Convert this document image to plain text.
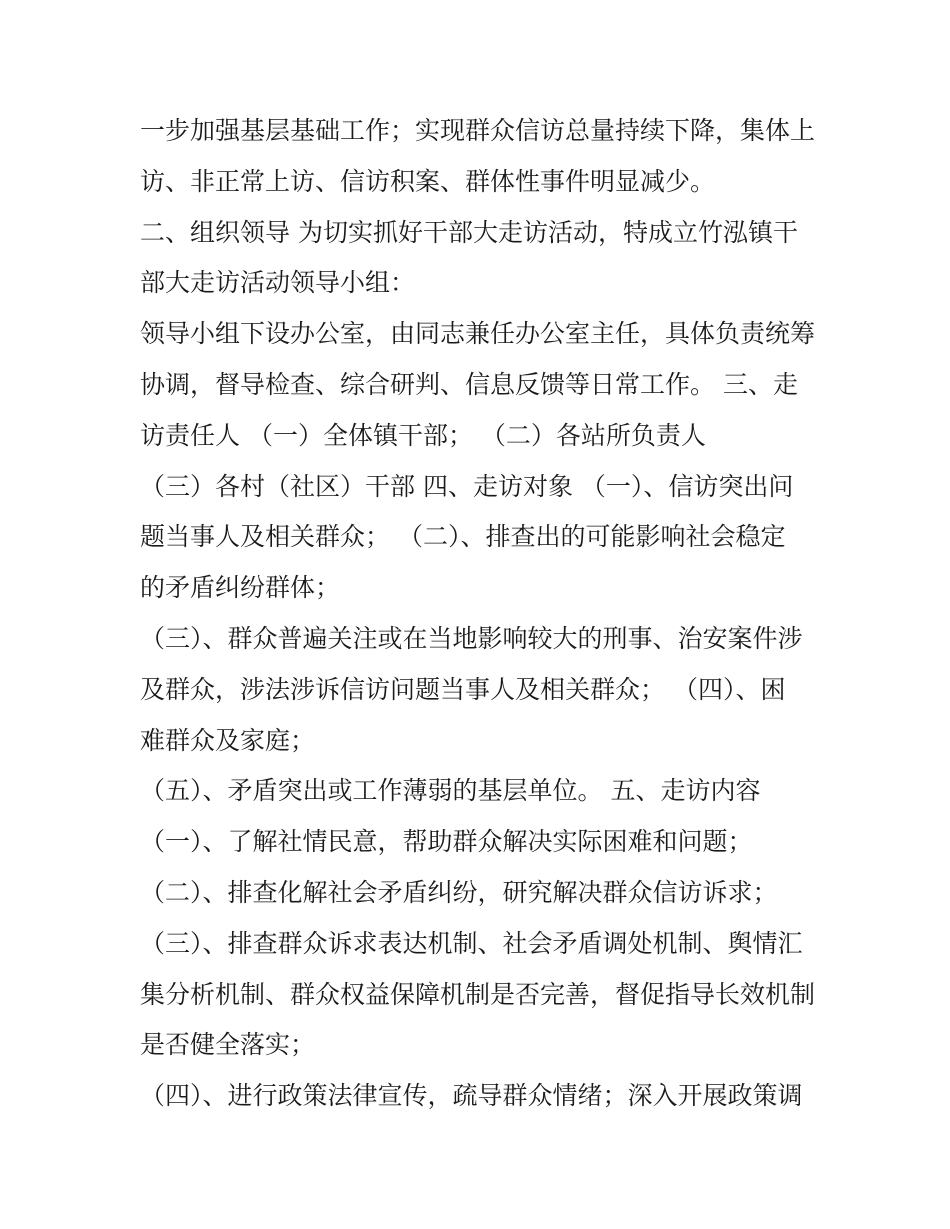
一步加强基层基础工作；实现群众信访总量持续下降，集体上
访、非正常上访、信访积案、群体性事件明显减少。
二、组织领导 为切实抓好干部大走访活动，特成立竹泓镇干
部大走访活动领导小组：
领导小组下设办公室，由同志兼任办公室主任，具体负责统筹
协调，督导检查、综合研判、信息反馈等日常工作。 三、走
访责任人 （一）全体镇干部； （二）各站所负责人
（三）各村（社区）干部 四、走访对象 （一）、信访突出问
题当事人及相关群众； （二）、排查出的可能影响社会稳定
的矛盾纠纷群体；
（三）、群众普遍关注或在当地影响较大的刑事、治安案件涉
及群众，涉法涉诉信访问题当事人及相关群众； （四）、困
难群众及家庭；
（五）、矛盾突出或工作薄弱的基层单位。 五、走访内容
（一）、了解社情民意，帮助群众解决实际困难和问题；
（二）、排查化解社会矛盾纠纷，研究解决群众信访诉求；
（三）、排查群众诉求表达机制、社会矛盾调处机制、舆情汇
集分析机制、群众权益保障机制是否完善，督促指导长效机制
是否健全落实；
（四）、进行政策法律宣传，疏导群众情绪；深入开展政策调
